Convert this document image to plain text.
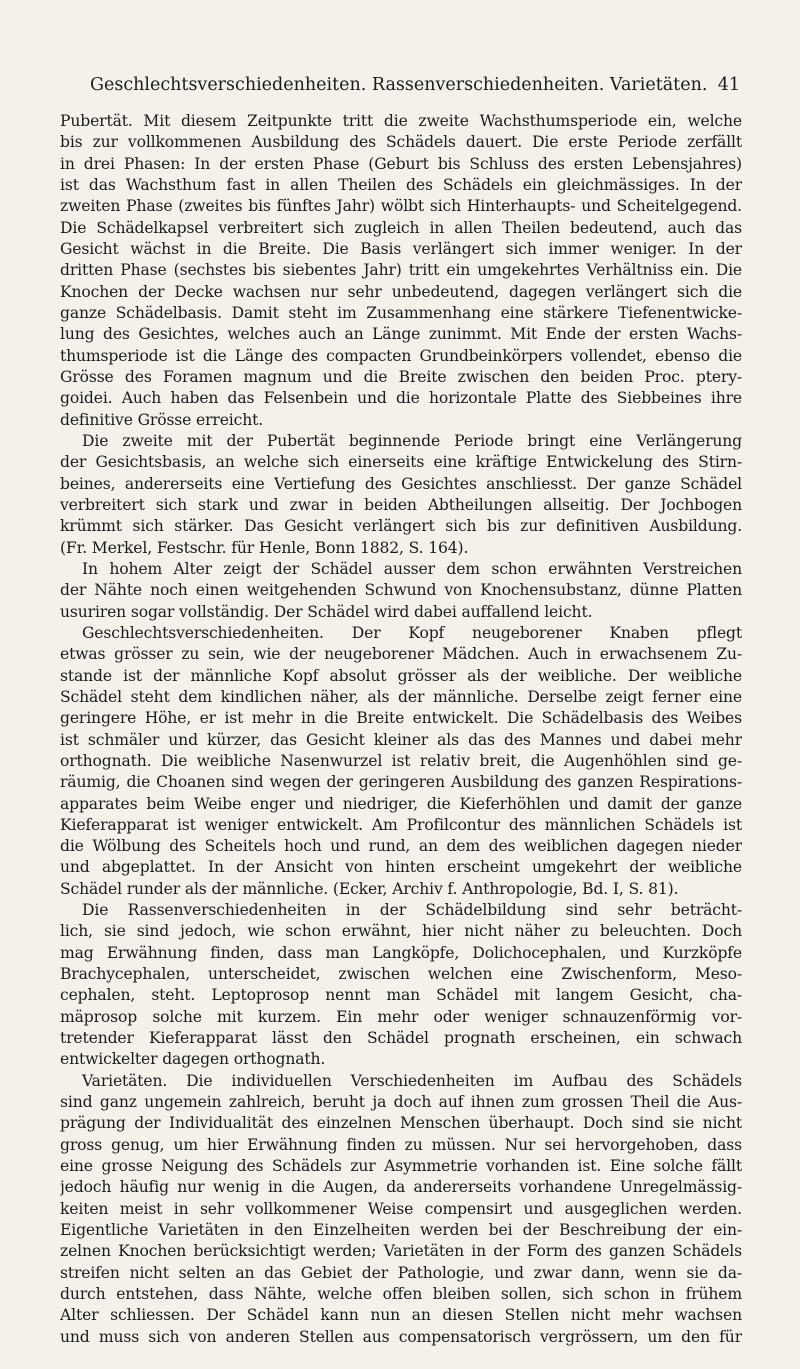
Geschlechtsverschiedenheiten. Rassenverschiedenheiten. Varietäten. 41
Pubertät. Mit diesem Zeitpunkte tritt die zweite Wachsthumsperiode ein, welche
bis zur vollkommenen Ausbildung des Schädels dauert. Die erste Periode zerfällt
in drei Phasen: In der ersten Phase (Geburt bis Schluss des ersten Lebensjahres)
ist das Wachsthum fast in allen Theilen des Schädels ein gleichmässiges. In der
zweiten Phase (zweites bis fünftes Jahr) wölbt sich Hinterhaupts- und Scheitelgegend.
Die Schädelkapsel verbreitert sich zugleich in allen Theilen bedeutend, auch das
Gesicht wächst in die Breite. Die Basis verlängert sich immer weniger. In der
dritten Phase (sechstes bis siebentes Jahr) tritt ein umgekehrtes Verhältniss ein. Die
Knochen der Decke wachsen nur sehr unbedeutend, dagegen verlängert sich die
ganze Schädelbasis. Damit steht im Zusammenhang eine stärkere Tiefenentwicke-
lung des Gesichtes, welches auch an Länge zunimmt. Mit Ende der ersten Wachs-
thumsperiode ist die Länge des compacten Grundbeinkörpers vollendet, ebenso die
Grösse des Foramen magnum und die Breite zwischen den beiden Proc. ptery-
goidei. Auch haben das Felsenbein und die horizontale Platte des Siebbeines ihre
definitive Grösse erreicht.
Die zweite mit der Pubertät beginnende Periode bringt eine Verlängerung
der Gesichtsbasis, an welche sich einerseits eine kräftige Entwickelung des Stirn-
beines, andererseits eine Vertiefung des Gesichtes anschliesst. Der ganze Schädel
verbreitert sich stark und zwar in beiden Abtheilungen allseitig. Der Jochbogen
krümmt sich stärker. Das Gesicht verlängert sich bis zur definitiven Ausbildung.
(Fr. Merkel, Festschr. für Henle, Bonn 1882, S. 164).
In hohem Alter zeigt der Schädel ausser dem schon erwähnten Verstreichen
der Nähte noch einen weitgehenden Schwund von Knochensubstanz, dünne Platten
usuriren sogar vollständig. Der Schädel wird dabei auffallend leicht.
Geschlechtsverschiedenheiten. Der Kopf neugeborener Knaben pflegt
etwas grösser zu sein, wie der neugeborener Mädchen. Auch in erwachsenem Zu-
stande ist der männliche Kopf absolut grösser als der weibliche. Der weibliche
Schädel steht dem kindlichen näher, als der männliche. Derselbe zeigt ferner eine
geringere Höhe, er ist mehr in die Breite entwickelt. Die Schädelbasis des Weibes
ist schmäler und kürzer, das Gesicht kleiner als das des Mannes und dabei mehr
orthognath. Die weibliche Nasenwurzel ist relativ breit, die Augenhöhlen sind ge-
räumig, die Choanen sind wegen der geringeren Ausbildung des ganzen Respirations-
apparates beim Weibe enger und niedriger, die Kieferhöhlen und damit der ganze
Kieferapparat ist weniger entwickelt. Am Profilcontur des männlichen Schädels ist
die Wölbung des Scheitels hoch und rund, an dem des weiblichen dagegen nieder
und abgeplattet. In der Ansicht von hinten erscheint umgekehrt der weibliche
Schädel runder als der männliche. (Ecker, Archiv f. Anthropologie, Bd. I, S. 81).
Die Rassenverschiedenheiten in der Schädelbildung sind sehr beträcht-
lich, sie sind jedoch, wie schon erwähnt, hier nicht näher zu beleuchten. Doch
mag Erwähnung finden, dass man Langköpfe, Dolichocephalen, und Kurzköpfe
Brachycephalen, unterscheidet, zwischen welchen eine Zwischenform, Meso-
cephalen, steht. Leptoprosop nennt man Schädel mit langem Gesicht, cha-
mäprosop solche mit kurzem. Ein mehr oder weniger schnauzenförmig vor-
tretender Kieferapparat lässt den Schädel prognath erscheinen, ein schwach
entwickelter dagegen orthognath.
Varietäten. Die individuellen Verschiedenheiten im Aufbau des Schädels
sind ganz ungemein zahlreich, beruht ja doch auf ihnen zum grossen Theil die Aus-
prägung der Individualität des einzelnen Menschen überhaupt. Doch sind sie nicht
gross genug, um hier Erwähnung finden zu müssen. Nur sei hervorgehoben, dass
eine grosse Neigung des Schädels zur Asymmetrie vorhanden ist. Eine solche fällt
jedoch häufig nur wenig in die Augen, da andererseits vorhandene Unregelmässig-
keiten meist in sehr vollkommener Weise compensirt und ausgeglichen werden.
Eigentliche Varietäten in den Einzelheiten werden bei der Beschreibung der ein-
zelnen Knochen berücksichtigt werden; Varietäten in der Form des ganzen Schädels
streifen nicht selten an das Gebiet der Pathologie, und zwar dann, wenn sie da-
durch entstehen, dass Nähte, welche offen bleiben sollen, sich schon in frühem
Alter schliessen. Der Schädel kann nun an diesen Stellen nicht mehr wachsen
und muss sich von anderen Stellen aus compensatorisch vergrössern, um den für
